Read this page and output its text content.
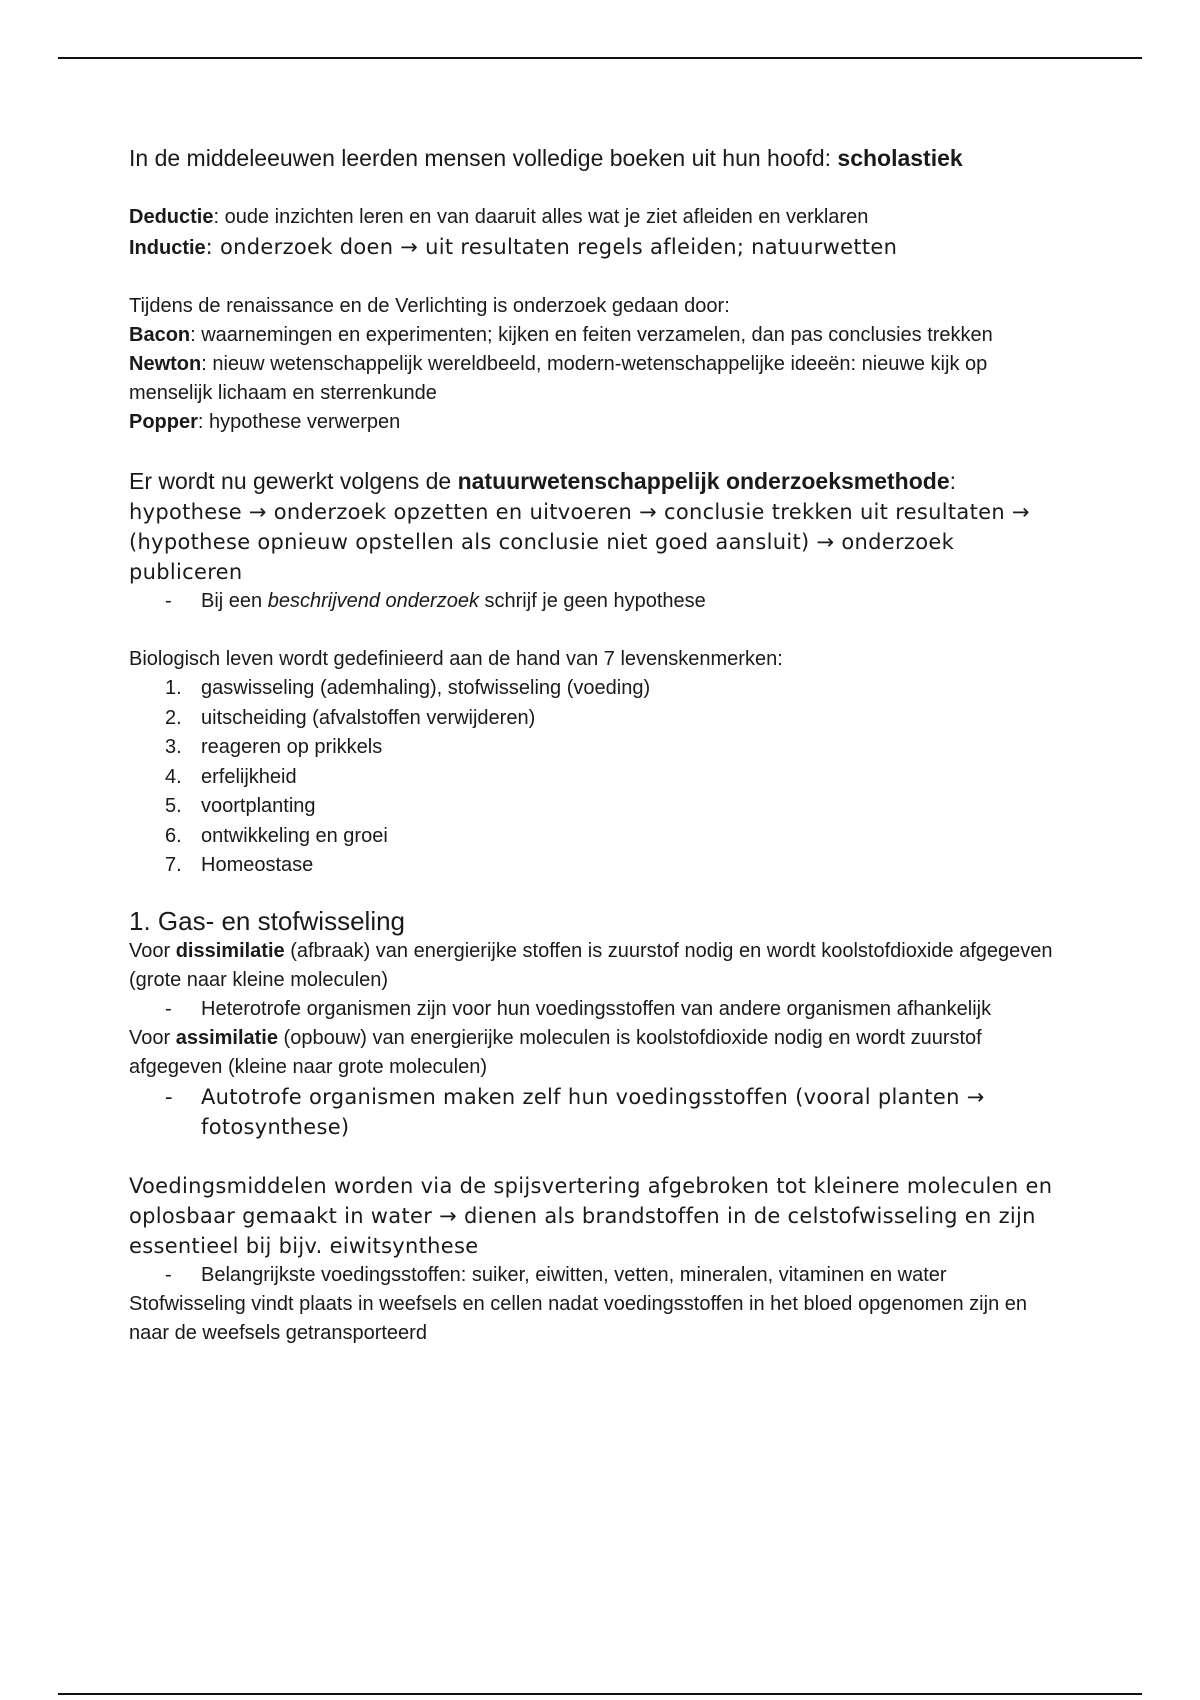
In de middeleeuwen leerden mensen volledige boeken uit hun hoofd: scholastiek

Deductie: oude inzichten leren en van daaruit alles wat je ziet afleiden en verklaren

Inductie: onderzoek doen → uit resultaten regels afleiden; natuurwetten

Tijdens de renaissance en de Verlichting is onderzoek gedaan door:

Bacon: waarnemingen en experimenten; kijken en feiten verzamelen, dan pas conclusies trekken

Newton: nieuw wetenschappelijk wereldbeeld, modern-wetenschappelijke ideeën: nieuwe kijk op menselijk lichaam en sterrenkunde

Popper: hypothese verwerpen

Er wordt nu gewerkt volgens de natuurwetenschappelijk onderzoeksmethode:

hypothese → onderzoek opzetten en uitvoeren → conclusie trekken uit resultaten → (hypothese opnieuw opstellen als conclusie niet goed aansluit) → onderzoek publiceren

- Bij een beschrijvend onderzoek schrijf je geen hypothese

Biologisch leven wordt gedefinieerd aan de hand van 7 levenskenmerken:

1. gaswisseling (ademhaling), stofwisseling (voeding)
2. uitscheiding (afvalstoffen verwijderen)
3. reageren op prikkels
4. erfelijkheid
5. voortplanting
6. ontwikkeling en groei
7. Homeostase
1. Gas- en stofwisseling

Voor dissimilatie (afbraak) van energierijke stoffen is zuurstof nodig en wordt koolstofdioxide afgegeven (grote naar kleine moleculen)

- Heterotrofe organismen zijn voor hun voedingsstoffen van andere organismen afhankelijk

Voor assimilatie (opbouw) van energierijke moleculen is koolstofdioxide nodig en wordt zuurstof afgegeven (kleine naar grote moleculen)

- Autotrofe organismen maken zelf hun voedingsstoffen (vooral planten → fotosynthese)

Voedingsmiddelen worden via de spijsvertering afgebroken tot kleinere moleculen en oplosbaar gemaakt in water → dienen als brandstoffen in de celstofwisseling en zijn essentieel bij bijv. eiwitsynthese

- Belangrijkste voedingsstoffen: suiker, eiwitten, vetten, mineralen, vitaminen en water

Stofwisseling vindt plaats in weefsels en cellen nadat voedingsstoffen in het bloed opgenomen zijn en naar de weefsels getransporteerd
